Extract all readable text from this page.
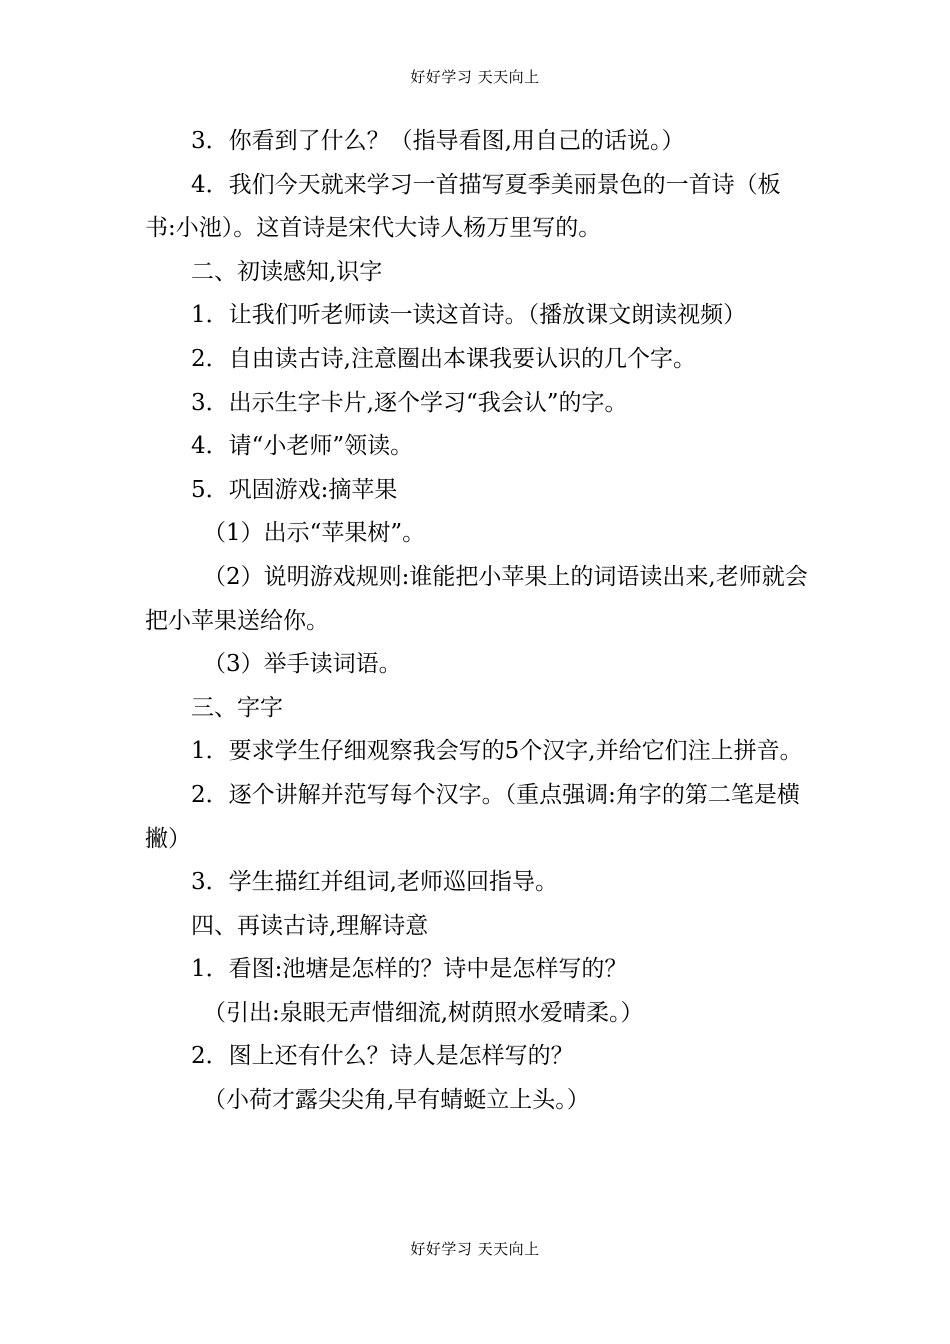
好好学习 天天向上

3．你看到了什么？（指导看图,用自己的话说。）

4．我们今天就来学习一首描写夏季美丽景色的一首诗（板书:小池）。这首诗是宋代大诗人杨万里写的。

二、初读感知,识字

1．让我们听老师读一读这首诗。（播放课文朗读视频）

2．自由读古诗,注意圈出本课我要认识的几个字。

3．出示生字卡片,逐个学习“我会认”的字。

4．请“小老师”领读。

5．巩固游戏:摘苹果

（1）出示“苹果树”。

（2）说明游戏规则:谁能把小苹果上的词语读出来,老师就会把小苹果送给你。

（3）举手读词语。

三、字字

1．要求学生仔细观察我会写的5个汉字,并给它们注上拼音。

2．逐个讲解并范写每个汉字。（重点强调:角字的第二笔是横撇）

3．学生描红并组词,老师巡回指导。

四、再读古诗,理解诗意

1．看图:池塘是怎样的？诗中是怎样写的？

（引出:泉眼无声惜细流,树荫照水爱晴柔。）

2．图上还有什么？诗人是怎样写的？

（小荷才露尖尖角,早有蜻蜓立上头。）

好好学习 天天向上
